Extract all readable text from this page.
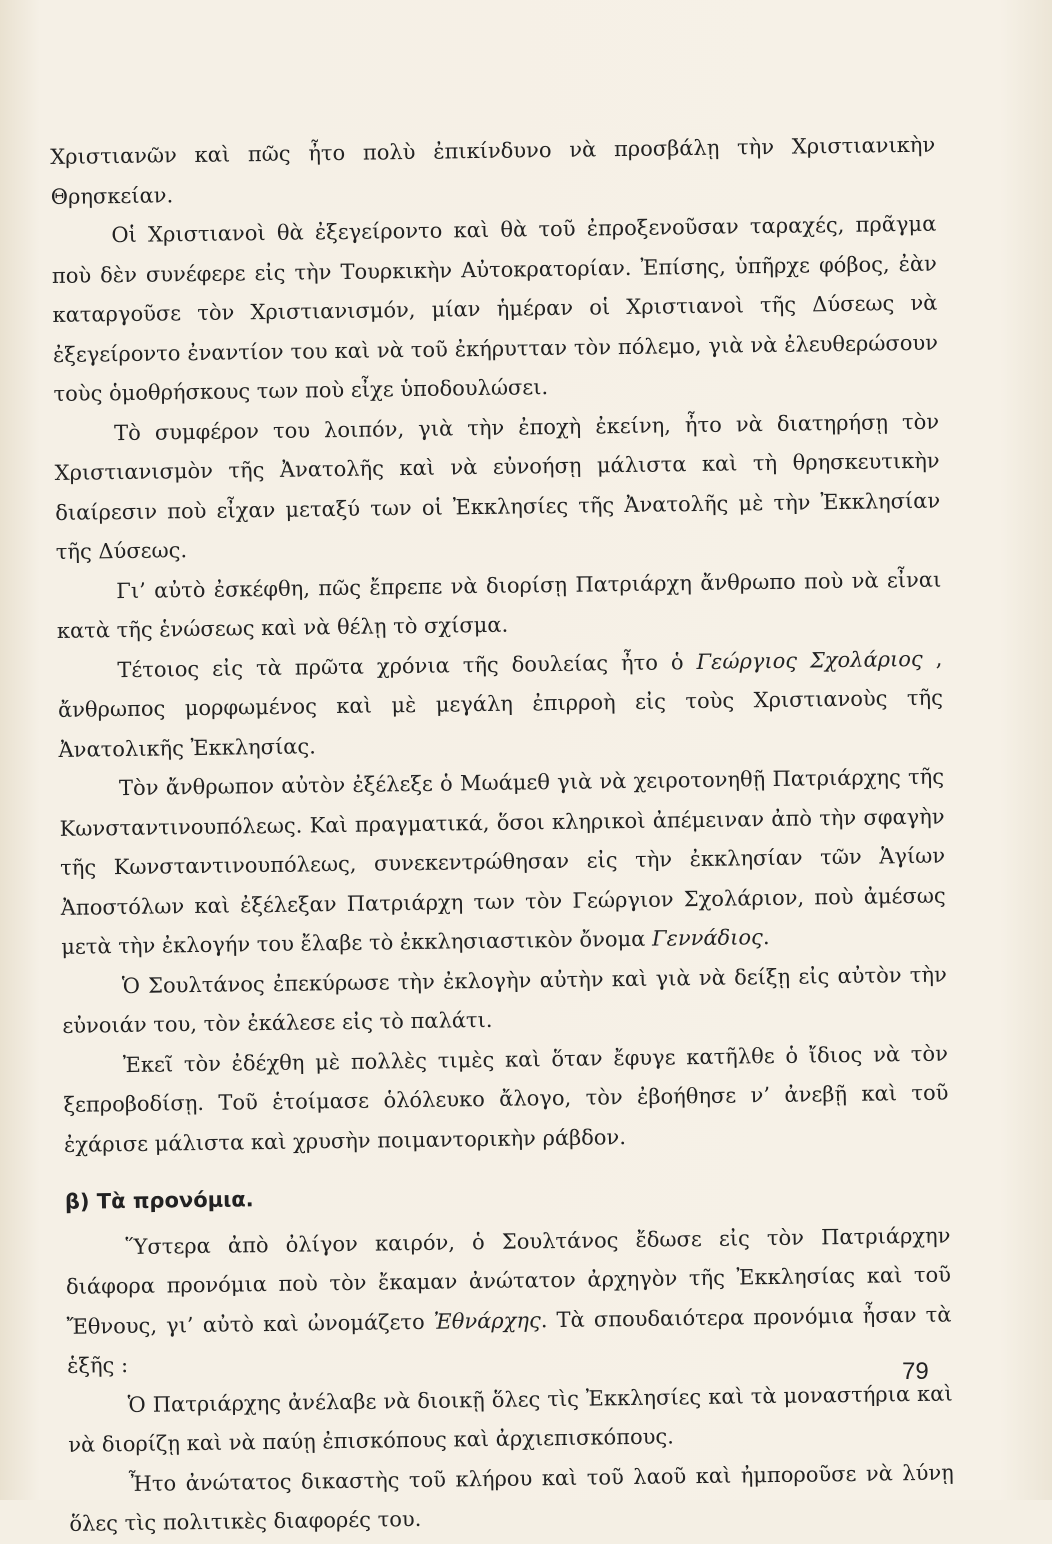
Χριστιανῶν καὶ πῶς ἦτο πολὺ ἐπικίνδυνο νὰ προσβάλῃ τὴν Χριστιανικὴν Θρησκείαν.

Οἱ Χριστιανοὶ θὰ ἐξεγείροντο καὶ θὰ τοῦ ἐπροξενοῦσαν ταραχές, πρᾶγμα ποὺ δὲν συνέφερε εἰς τὴν Τουρκικὴν Αὐτοκρατορίαν. Ἐπίσης, ὑπῆρχε φόβος, ἐὰν καταργοῦσε τὸν Χριστιανισμόν, μίαν ἡμέραν οἱ Χριστιανοὶ τῆς Δύσεως νὰ ἐξεγείροντο ἐναντίον του καὶ νὰ τοῦ ἐκήρυτταν τὸν πόλεμο, γιὰ νὰ ἐλευθερώσουν τοὺς ὁμοθρήσκους των ποὺ εἶχε ὑποδουλώσει.

Τὸ συμφέρον του λοιπόν, γιὰ τὴν ἐποχὴ ἐκείνη, ἦτο νὰ διατηρήσῃ τὸν Χριστιανισμὸν τῆς Ἀνατολῆς καὶ νὰ εὐνοήσῃ μάλιστα καὶ τὴ θρησκευτικὴν διαίρεσιν ποὺ εἶχαν μεταξύ των οἱ Ἐκκλησίες τῆς Ἀνατολῆς μὲ τὴν Ἐκκλησίαν τῆς Δύσεως.

Γι’ αὐτὸ ἐσκέφθη, πῶς ἔπρεπε νὰ διορίσῃ Πατριάρχη ἄνθρωπο ποὺ νὰ εἶναι κατὰ τῆς ἑνώσεως καὶ νὰ θέλῃ τὸ σχίσμα.

Τέτοιος εἰς τὰ πρῶτα χρόνια τῆς δουλείας ἦτο ὁ Γεώργιος Σχολάριος , ἄνθρωπος μορφωμένος καὶ μὲ μεγάλη ἐπιρροὴ εἰς τοὺς Χριστιανοὺς τῆς Ἀνατολικῆς Ἐκκλησίας.

Τὸν ἄνθρωπον αὐτὸν ἐξέλεξε ὁ Μωάμεθ γιὰ νὰ χειροτονηθῇ Πατριάρχης τῆς Κωνσταντινουπόλεως. Καὶ πραγματικά, ὅσοι κληρικοὶ ἀπέμειναν ἀπὸ τὴν σφαγὴν τῆς Κωνσταντινουπόλεως, συνεκεντρώθησαν εἰς τὴν ἐκκλησίαν τῶν Ἁγίων Ἀποστόλων καὶ ἐξέλεξαν Πατριάρχη των τὸν Γεώργιον Σχολάριον, ποὺ ἀμέσως μετὰ τὴν ἐκλογήν του ἔλαβε τὸ ἐκκλησιαστικὸν ὄνομα Γεννάδιος.

Ὁ Σουλτάνος ἐπεκύρωσε τὴν ἐκλογὴν αὐτὴν καὶ γιὰ νὰ δείξῃ εἰς αὐτὸν τὴν εὐνοιάν του, τὸν ἐκάλεσε εἰς τὸ παλάτι.

Ἐκεῖ τὸν ἐδέχθη μὲ πολλὲς τιμὲς καὶ ὅταν ἔφυγε κατῆλθε ὁ ἴδιος νὰ τὸν ξεπροβοδίσῃ. Τοῦ ἑτοίμασε ὁλόλευκο ἄλογο, τὸν ἐβοήθησε ν’ ἀνεβῇ καὶ τοῦ ἐχάρισε μάλιστα καὶ χρυσὴν ποιμαντορικὴν ράβδον.

β) Τὰ προνόμια.

Ὕστερα ἀπὸ ὀλίγον καιρόν, ὁ Σουλτάνος ἔδωσε εἰς τὸν Πατριάρχην διάφορα προνόμια ποὺ τὸν ἔκαμαν ἀνώτατον ἀρχηγὸν τῆς Ἐκκλησίας καὶ τοῦ Ἔθνους, γι’ αὐτὸ καὶ ὠνομάζετο Ἐθνάρχης. Τὰ σπουδαιότερα προνόμια ἦσαν τὰ ἑξῆς :

Ὁ Πατριάρχης ἀνέλαβε νὰ διοικῇ ὅλες τὶς Ἐκκλησίες καὶ τὰ μοναστήρια καὶ νὰ διορίζῃ καὶ νὰ παύῃ ἐπισκόπους καὶ ἀρχιεπισκόπους.

Ἦτο ἀνώτατος δικαστὴς τοῦ κλήρου καὶ τοῦ λαοῦ καὶ ἠμποροῦσε νὰ λύνῃ ὅλες τὶς πολιτικὲς διαφορές του.

79
